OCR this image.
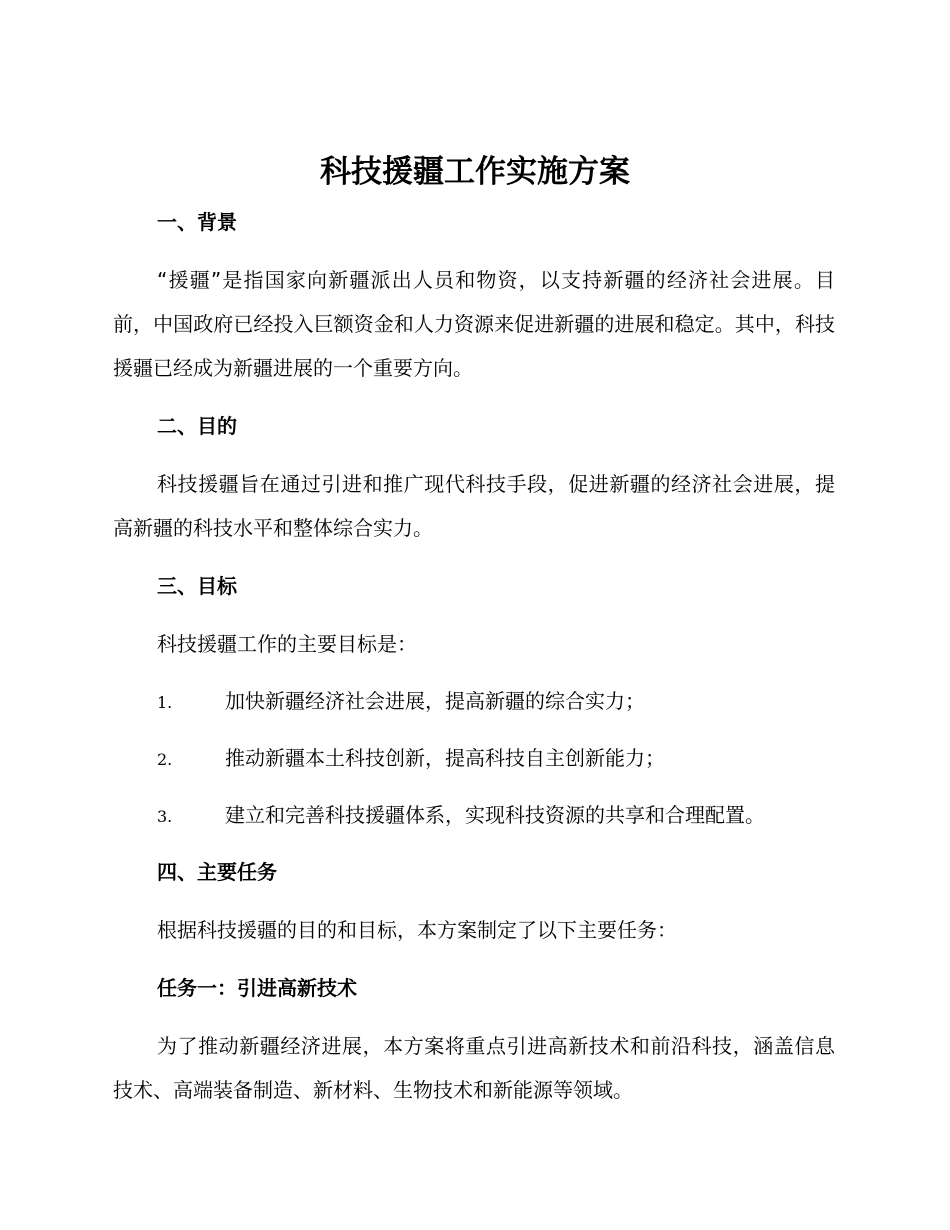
科技援疆工作实施方案
一、背景
“援疆”是指国家向新疆派出人员和物资，以支持新疆的经济社会进展。目前，中国政府已经投入巨额资金和人力资源来促进新疆的进展和稳定。其中，科技援疆已经成为新疆进展的一个重要方向。
二、目的
科技援疆旨在通过引进和推广现代科技手段，促进新疆的经济社会进展，提高新疆的科技水平和整体综合实力。
三、目标
科技援疆工作的主要目标是：
1.	加快新疆经济社会进展，提高新疆的综合实力；
2.	推动新疆本土科技创新，提高科技自主创新能力；
3.	建立和完善科技援疆体系，实现科技资源的共享和合理配置。
四、主要任务
根据科技援疆的目的和目标，本方案制定了以下主要任务：
任务一：引进高新技术
为了推动新疆经济进展，本方案将重点引进高新技术和前沿科技，涵盖信息技术、高端装备制造、新材料、生物技术和新能源等领域。
